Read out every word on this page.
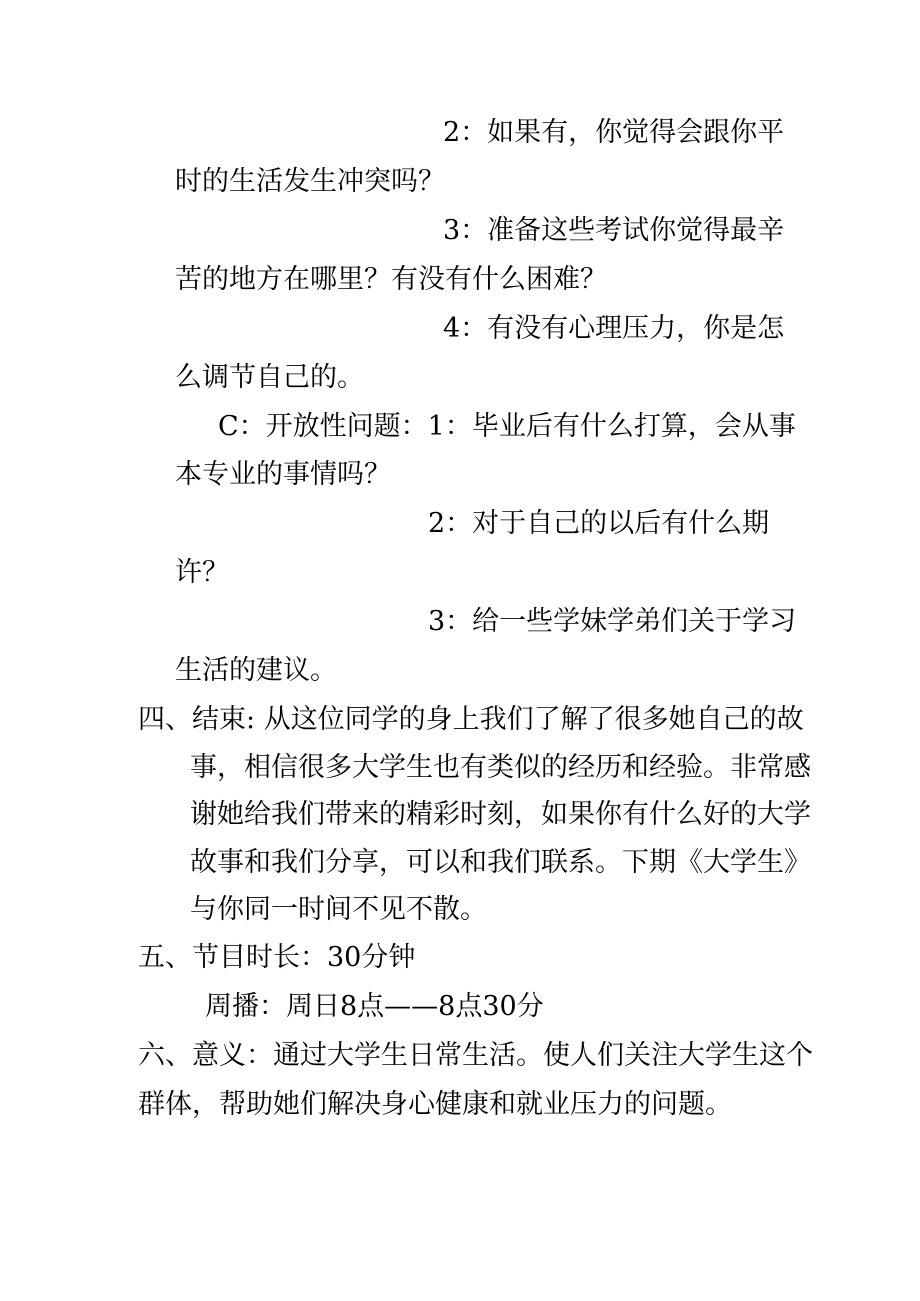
2：如果有，你觉得会跟你平
时的生活发生冲突吗？
3：准备这些考试你觉得最辛
苦的地方在哪里？有没有什么困难？
4：有没有心理压力，你是怎
么调节自己的。
C：开放性问题：1：毕业后有什么打算，会从事
本专业的事情吗？
2：对于自己的以后有什么期
许？
3：给一些学妹学弟们关于学习
生活的建议。
四、结束: 从这位同学的身上我们了解了很多她自己的故
事，相信很多大学生也有类似的经历和经验。非常感
谢她给我们带来的精彩时刻，如果你有什么好的大学
故事和我们分享，可以和我们联系。下期《大学生》
与你同一时间不见不散。
五、节目时长：30分钟
周播：周日8点——8点30分
六、意义：通过大学生日常生活。使人们关注大学生这个
群体，帮助她们解决身心健康和就业压力的问题。
